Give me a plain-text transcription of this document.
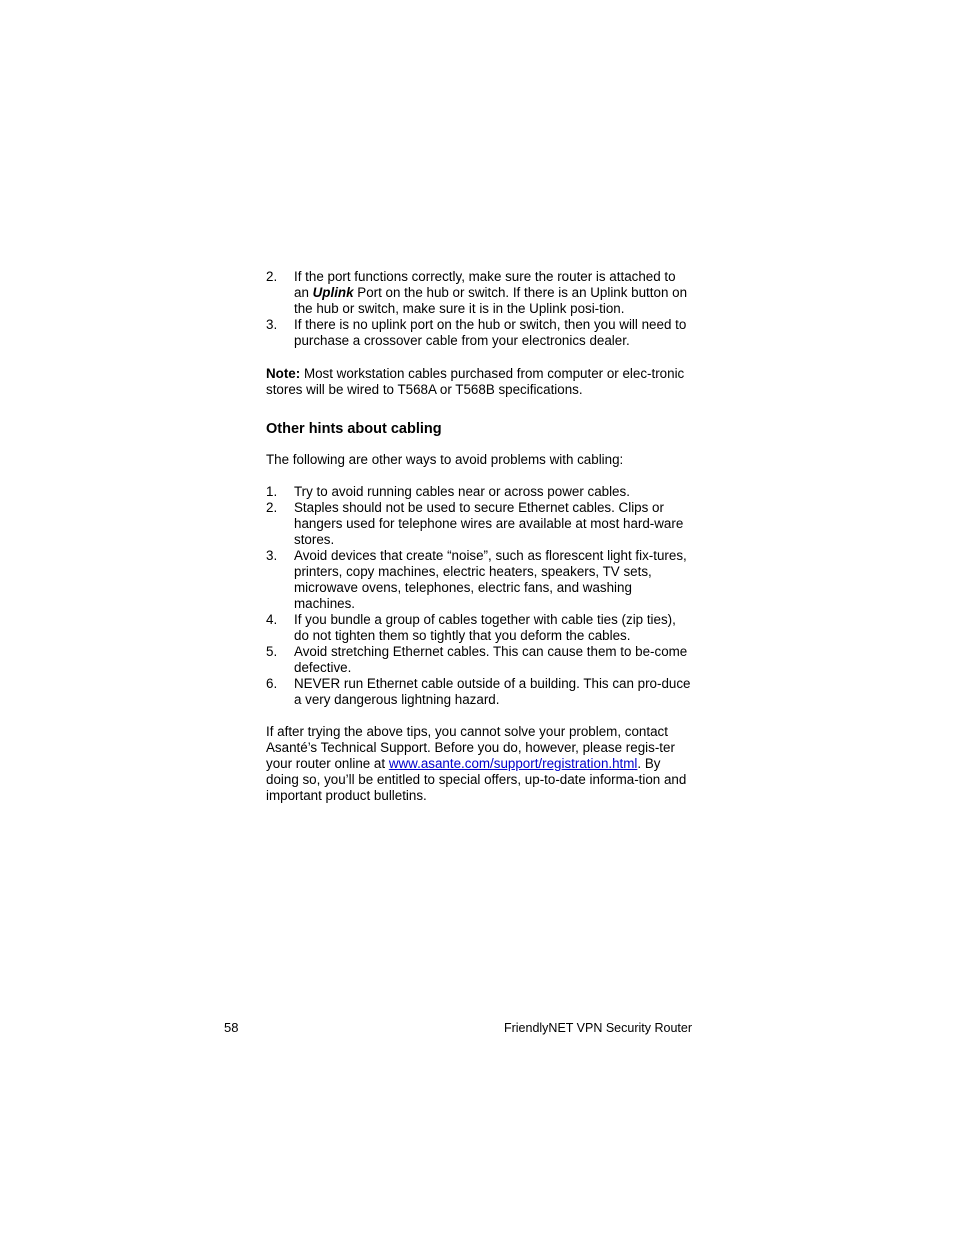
2. If the port functions correctly, make sure the router is attached to an Uplink Port on the hub or switch. If there is an Uplink button on the hub or switch, make sure it is in the Uplink posi-tion.
3. If there is no uplink port on the hub or switch, then you will need to purchase a crossover cable from your electronics dealer.

Note: Most workstation cables purchased from computer or elec-tronic stores will be wired to T568A or T568B specifications.

Other hints about cabling

The following are other ways to avoid problems with cabling:

1. Try to avoid running cables near or across power cables.
2. Staples should not be used to secure Ethernet cables. Clips or hangers used for telephone wires are available at most hard-ware stores.
3. Avoid devices that create “noise”, such as florescent light fix-tures, printers, copy machines, electric heaters, speakers, TV sets, microwave ovens, telephones, electric fans, and washing machines.
4. If you bundle a group of cables together with cable ties (zip ties), do not tighten them so tightly that you deform the cables.
5. Avoid stretching Ethernet cables. This can cause them to be-come defective.
6. NEVER run Ethernet cable outside of a building. This can pro-duce a very dangerous lightning hazard.

If after trying the above tips, you cannot solve your problem, contact Asanté’s Technical Support. Before you do, however, please regis-ter your router online at www.asante.com/support/registration.html. By doing so, you’ll be entitled to special offers, up-to-date informa-tion and important product bulletins.

58	FriendlyNET VPN Security Router
